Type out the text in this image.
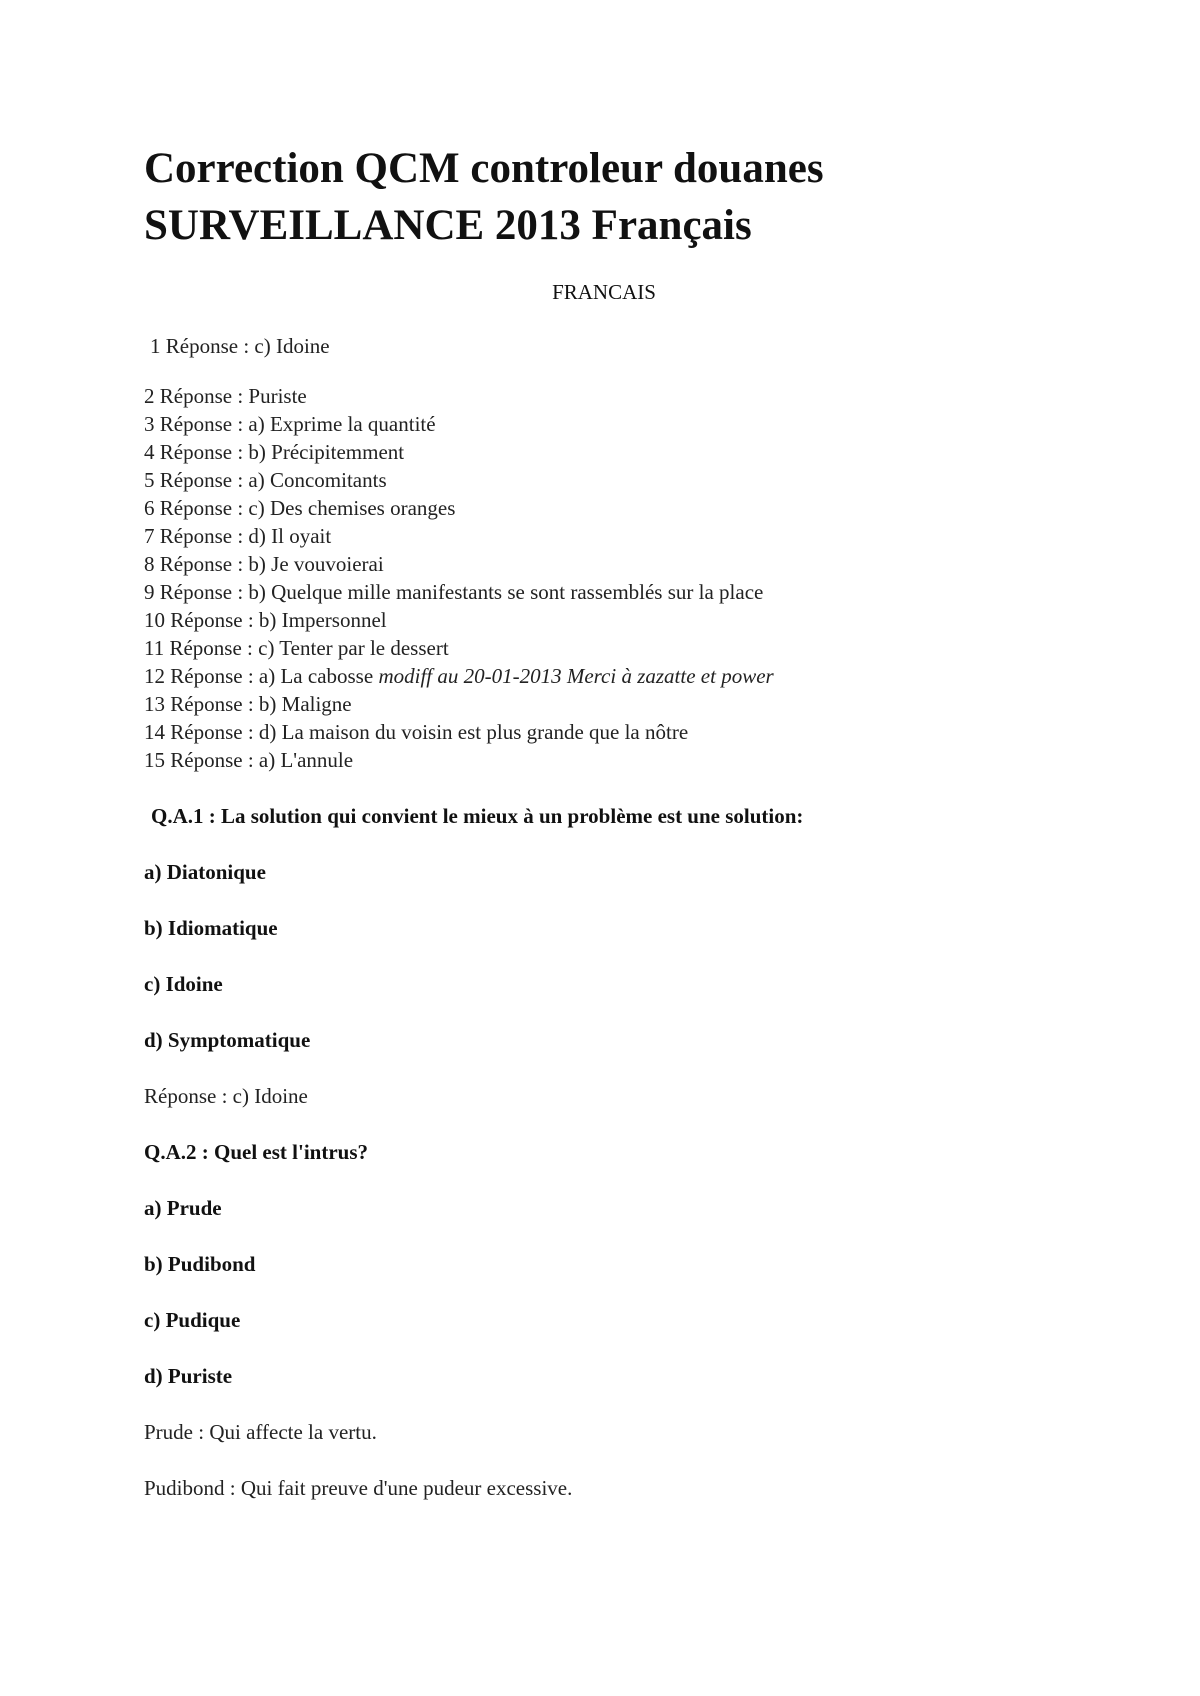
Correction QCM controleur douanes
SURVEILLANCE 2013 Français
FRANCAIS
1 Réponse : c) Idoine
2 Réponse : Puriste
3 Réponse : a) Exprime la quantité
4 Réponse : b) Précipitemment
5 Réponse : a) Concomitants
6 Réponse : c) Des chemises oranges
7 Réponse : d) Il oyait
8 Réponse : b) Je vouvoierai
9 Réponse : b) Quelque mille manifestants se sont rassemblés sur la place
10 Réponse : b) Impersonnel
11 Réponse : c) Tenter par le dessert
12 Réponse : a) La cabosse modiff au 20-01-2013 Merci à zazatte et power
13 Réponse : b) Maligne
14 Réponse : d) La maison du voisin est plus grande que la nôtre
15 Réponse : a) L'annule
Q.A.1 : La solution qui convient le mieux à un problème est une solution:
a) Diatonique
b) Idiomatique
c) Idoine
d) Symptomatique
Réponse : c) Idoine
Q.A.2 : Quel est l'intrus?
a) Prude
b) Pudibond
c) Pudique
d) Puriste
Prude : Qui affecte la vertu.
Pudibond : Qui fait preuve d'une pudeur excessive.
